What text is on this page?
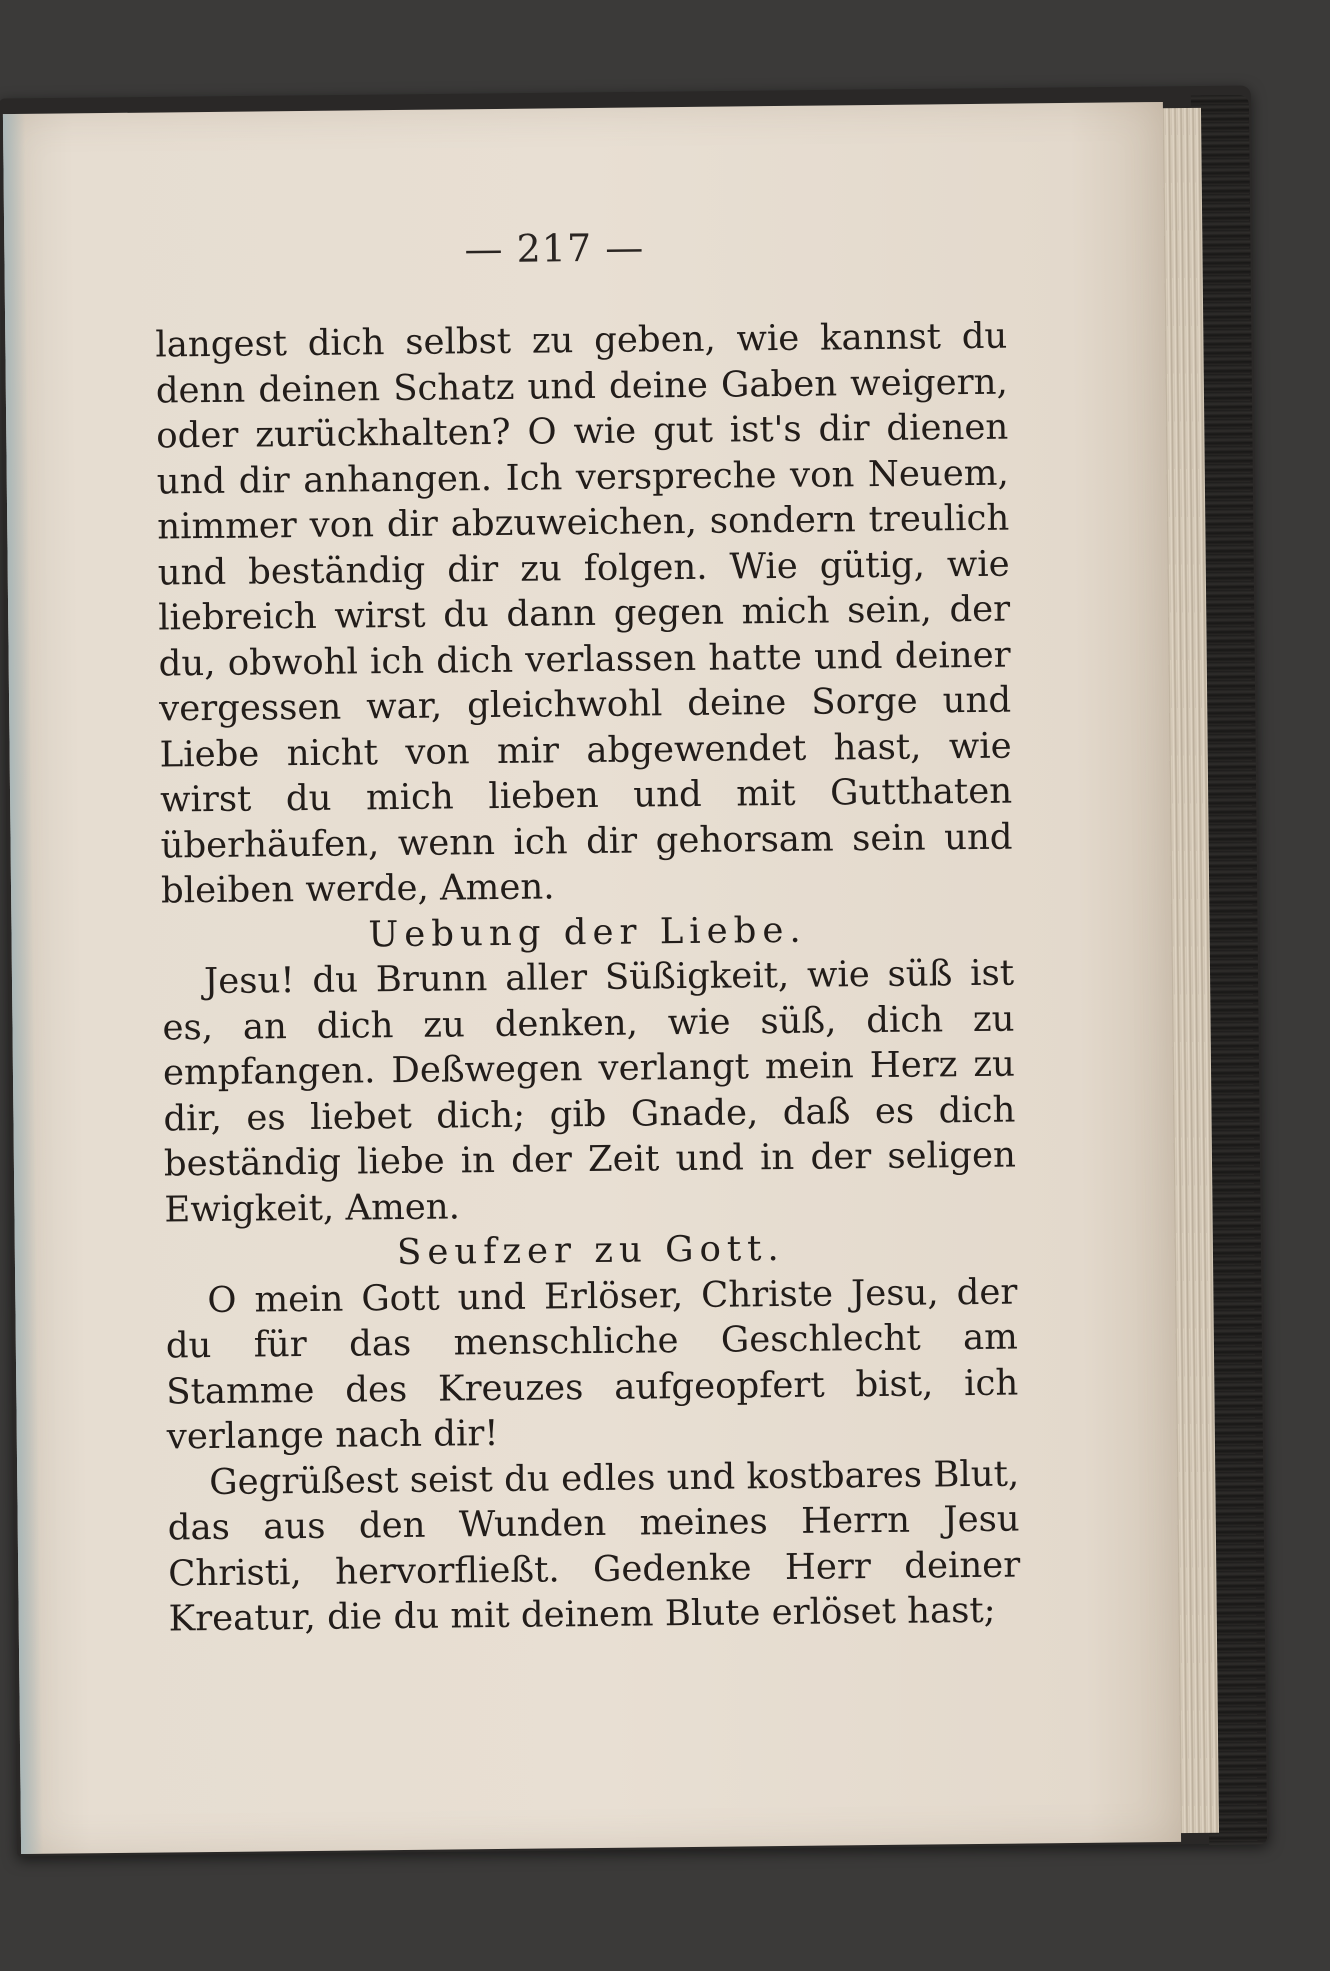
— 217 —

langest dich selbst zu geben, wie kannst du denn deinen Schatz und deine Gaben weigern, oder zurückhalten? O wie gut ist's dir dienen und dir anhangen. Ich verspreche von Neuem, nimmer von dir abzuweichen, sondern treulich und beständig dir zu folgen. Wie gütig, wie liebreich wirst du dann gegen mich sein, der du, obwohl ich dich verlassen hatte und deiner vergessen war, gleichwohl deine Sorge und Liebe nicht von mir abgewendet hast, wie wirst du mich lieben und mit Gutthaten überhäufen, wenn ich dir gehorsam sein und bleiben werde, Amen.

Uebung der Liebe.

Jesu! du Brunn aller Süßigkeit, wie süß ist es, an dich zu denken, wie süß, dich zu empfangen. Deßwegen verlangt mein Herz zu dir, es liebet dich; gib Gnade, daß es dich beständig liebe in der Zeit und in der seligen Ewigkeit, Amen.

Seufzer zu Gott.

O mein Gott und Erlöser, Christe Jesu, der du für das menschliche Geschlecht am Stamme des Kreuzes aufgeopfert bist, ich verlange nach dir!

Gegrüßest seist du edles und kostbares Blut, das aus den Wunden meines Herrn Jesu Christi, hervorfließt. Gedenke Herr deiner Kreatur, die du mit deinem Blute erlöset hast;
